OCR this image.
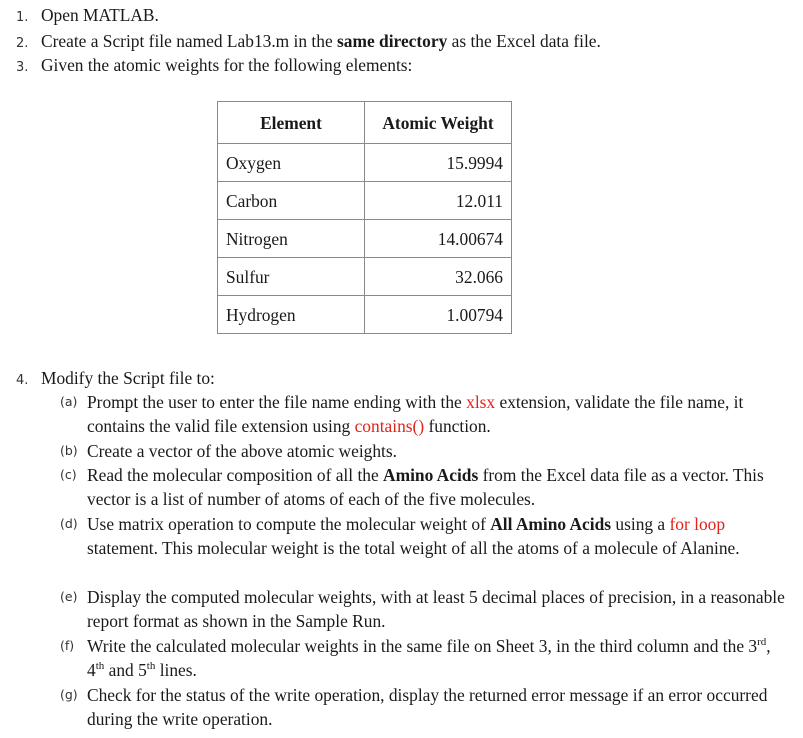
1. Open MATLAB.
2. Create a Script file named Lab13.m in the same directory as the Excel data file.
3. Given the atomic weights for the following elements:
Element	Atomic Weight
Oxygen	15.9994
Carbon	12.011
Nitrogen	14.00674
Sulfur	32.066
Hydrogen	1.00794
4. Modify the Script file to:
(a) Prompt the user to enter the file name ending with the xlsx extension, validate the file name, it contains the valid file extension using contains() function.
(b) Create a vector of the above atomic weights.
(c) Read the molecular composition of all the Amino Acids from the Excel data file as a vector. This vector is a list of number of atoms of each of the five molecules.
(d) Use matrix operation to compute the molecular weight of All Amino Acids using a for loop statement. This molecular weight is the total weight of all the atoms of a molecule of Alanine.
(e) Display the computed molecular weights, with at least 5 decimal places of precision, in a reasonable report format as shown in the Sample Run.
(f) Write the calculated molecular weights in the same file on Sheet 3, in the third column and the 3rd, 4th and 5th lines.
(g) Check for the status of the write operation, display the returned error message if an error occurred during the write operation.
